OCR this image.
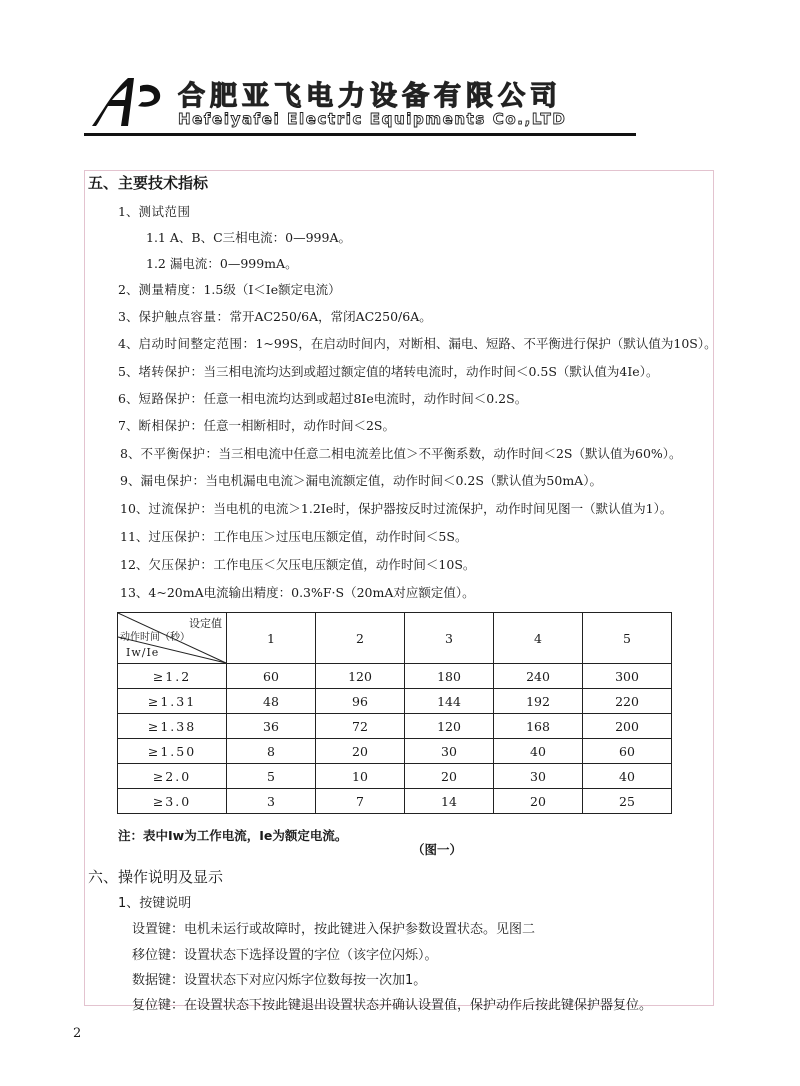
A
合肥亚飞电力设备有限公司
Hefeiyafei Electric Equipments Co.,LTD
五、主要技术指标
1、测试范围
1.1 A、B、C三相电流：0—999A。
1.2 漏电流：0—999mA。
2、测量精度：1.5级（I＜Ie额定电流）
3、保护触点容量：常开AC250/6A，常闭AC250/6A。
4、启动时间整定范围：1~99S，在启动时间内，对断相、漏电、短路、不平衡进行保护（默认值为10S）。
5、堵转保护：当三相电流均达到或超过额定值的堵转电流时，动作时间＜0.5S（默认值为4Ie）。
6、短路保护：任意一相电流均达到或超过8Ie电流时，动作时间＜0.2S。
7、断相保护：任意一相断相时，动作时间＜2S。
8、不平衡保护：当三相电流中任意二相电流差比值＞不平衡系数，动作时间＜2S（默认值为60%）。
9、漏电保护：当电机漏电电流＞漏电流额定值，动作时间＜0.2S（默认值为50mA）。
10、过流保护：当电机的电流＞1.2Ie时，保护器按反时过流保护，动作时间见图一（默认值为1）。
11、过压保护：工作电压＞过压电压额定值，动作时间＜5S。
12、欠压保护：工作电压＜欠压电压额定值，动作时间＜10S。
13、4~20mA电流输出精度：0.3%F·S（20mA对应额定值）。
设定值
动作时间（秒）
Iw/Ie	1	2	3	4	5
≥1.2	60	120	180	240	300
≥1.31	48	96	144	192	220
≥1.38	36	72	120	168	200
≥1.50	8	20	30	40	60
≥2.0	5	10	20	30	40
≥3.0	3	7	14	20	25
注：表中Iw为工作电流，Ie为额定电流。
（图一）
六、操作说明及显示
1、按键说明
设置键：电机未运行或故障时，按此键进入保护参数设置状态。见图二
移位键：设置状态下选择设置的字位（该字位闪烁）。
数据键：设置状态下对应闪烁字位数每按一次加1。
复位键：在设置状态下按此键退出设置状态并确认设置值，保护动作后按此键保护器复位。
2
